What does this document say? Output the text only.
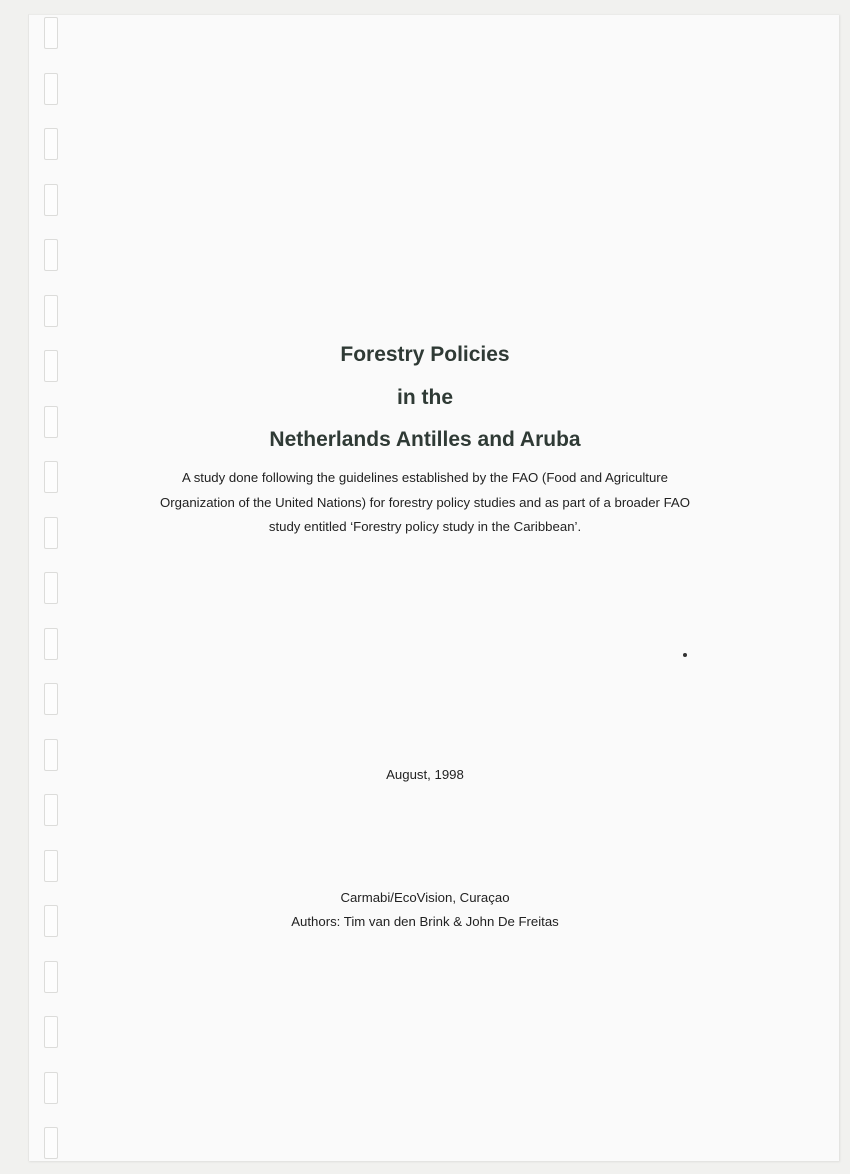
Forestry Policies
in the
Netherlands Antilles and Aruba
A study done following the guidelines established by the FAO (Food and Agriculture
Organization of the United Nations) for forestry policy studies and as part of a broader FAO
study entitled ‘Forestry policy study in the Caribbean’.
August, 1998
Carmabi/EcoVision, Curaçao
Authors: Tim van den Brink & John De Freitas
